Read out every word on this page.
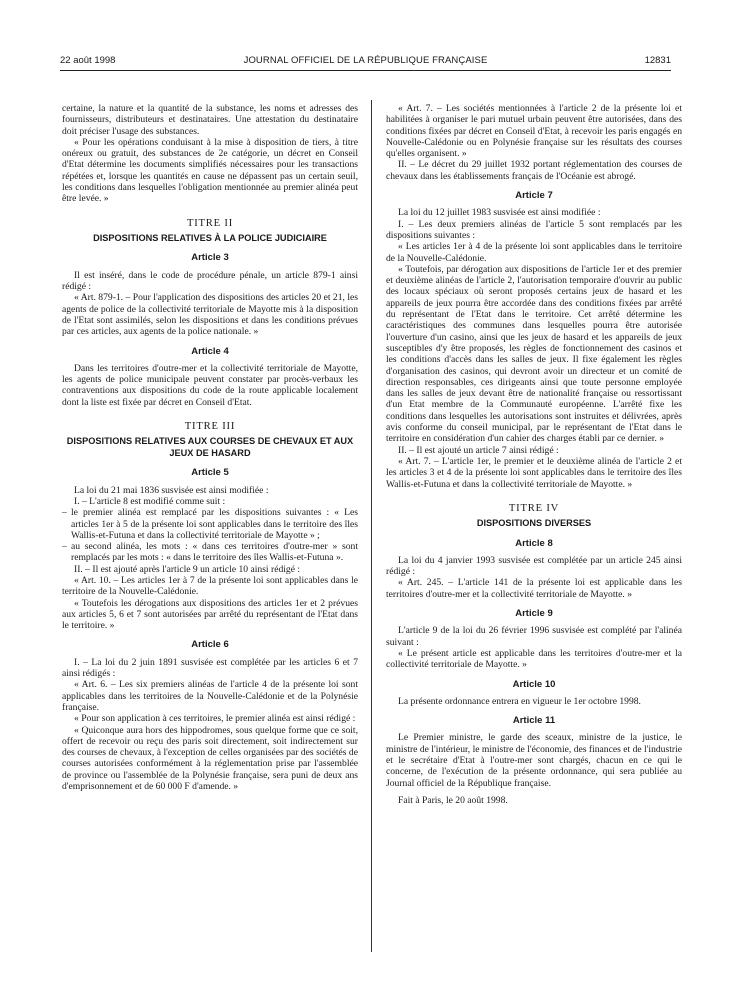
22 août 1998	JOURNAL OFFICIEL DE LA RÉPUBLIQUE FRANÇAISE	12831

certaine, la nature et la quantité de la substance, les noms et adresses des fournisseurs, distributeurs et destinataires. Une attestation du destinataire doit préciser l'usage des substances.

« Pour les opérations conduisant à la mise à disposition de tiers, à titre onéreux ou gratuit, des substances de 2e catégorie, un décret en Conseil d'Etat détermine les documents simplifiés nécessaires pour les transactions répétées et, lorsque les quantités en cause ne dépassent pas un certain seuil, les conditions dans lesquelles l'obligation mentionnée au premier alinéa peut être levée. »

TITRE II
DISPOSITIONS RELATIVES À LA POLICE JUDICIAIRE
Article 3

Il est inséré, dans le code de procédure pénale, un article 879-1 ainsi rédigé :

« Art. 879-1. – Pour l'application des dispositions des articles 20 et 21, les agents de police de la collectivité territoriale de Mayotte mis à la disposition de l'Etat sont assimilés, selon les dispositions et dans les conditions prévues par ces articles, aux agents de la police nationale. »

Article 4

Dans les territoires d'outre-mer et la collectivité territoriale de Mayotte, les agents de police municipale peuvent constater par procès-verbaux les contraventions aux dispositions du code de la route applicable localement dont la liste est fixée par décret en Conseil d'Etat.

TITRE III
DISPOSITIONS RELATIVES AUX COURSES DE CHEVAUX ET AUX JEUX DE HASARD
Article 5

La loi du 21 mai 1836 susvisée est ainsi modifiée :

I. – L'article 8 est modifié comme suit :

– le premier alinéa est remplacé par les dispositions suivantes : « Les articles 1er à 5 de la présente loi sont applicables dans le territoire des îles Wallis-et-Futuna et dans la collectivité territoriale de Mayotte » ;

– au second alinéa, les mots : « dans ces territoires d'outre-mer » sont remplacés par les mots : « dans le territoire des îles Wallis-et-Futuna ».

II. – Il est ajouté après l'article 9 un article 10 ainsi rédigé :

« Art. 10. – Les articles 1er à 7 de la présente loi sont applicables dans le territoire de la Nouvelle-Calédonie.

« Toutefois les dérogations aux dispositions des articles 1er et 2 prévues aux articles 5, 6 et 7 sont autorisées par arrêté du représentant de l'Etat dans le territoire. »

Article 6

I. – La loi du 2 juin 1891 susvisée est complétée par les articles 6 et 7 ainsi rédigés :

« Art. 6. – Les six premiers alinéas de l'article 4 de la présente loi sont applicables dans les territoires de la Nouvelle-Calédonie et de la Polynésie française.

« Pour son application à ces territoires, le premier alinéa est ainsi rédigé :

« Quiconque aura hors des hippodromes, sous quelque forme que ce soit, offert de recevoir ou reçu des paris soit directement, soit indirectement sur des courses de chevaux, à l'exception de celles organisées par des sociétés de courses autorisées conformément à la réglementation prise par l'assemblée de province ou l'assemblée de la Polynésie française, sera puni de deux ans d'emprisonnement et de 60 000 F d'amende. »

« Art. 7. – Les sociétés mentionnées à l'article 2 de la présente loi et habilitées à organiser le pari mutuel urbain peuvent être autorisées, dans des conditions fixées par décret en Conseil d'Etat, à recevoir les paris engagés en Nouvelle-Calédonie ou en Polynésie française sur les résultats des courses qu'elles organisent. »

II. – Le décret du 29 juillet 1932 portant réglementation des courses de chevaux dans les établissements français de l'Océanie est abrogé.

Article 7

La loi du 12 juillet 1983 susvisée est ainsi modifiée :

I. – Les deux premiers alinéas de l'article 5 sont remplacés par les dispositions suivantes :

« Les articles 1er à 4 de la présente loi sont applicables dans le territoire de la Nouvelle-Calédonie.

« Toutefois, par dérogation aux dispositions de l'article 1er et des premier et deuxième alinéas de l'article 2, l'autorisation temporaire d'ouvrir au public des locaux spéciaux où seront proposés certains jeux de hasard et les appareils de jeux pourra être accordée dans des conditions fixées par arrêté du représentant de l'Etat dans le territoire. Cet arrêté détermine les caractéristiques des communes dans lesquelles pourra être autorisée l'ouverture d'un casino, ainsi que les jeux de hasard et les appareils de jeux susceptibles d'y être proposés, les règles de fonctionnement des casinos et les conditions d'accès dans les salles de jeux. Il fixe également les règles d'organisation des casinos, qui devront avoir un directeur et un comité de direction responsables, ces dirigeants ainsi que toute personne employée dans les salles de jeux devant être de nationalité française ou ressortissant d'un Etat membre de la Communauté européenne. L'arrêté fixe les conditions dans lesquelles les autorisations sont instruites et délivrées, après avis conforme du conseil municipal, par le représentant de l'Etat dans le territoire en considération d'un cahier des charges établi par ce dernier. »

II. – Il est ajouté un article 7 ainsi rédigé :

« Art. 7. – L'article 1er, le premier et le deuxième alinéa de l'article 2 et les articles 3 et 4 de la présente loi sont applicables dans le territoire des îles Wallis-et-Futuna et dans la collectivité territoriale de Mayotte. »

TITRE IV
DISPOSITIONS DIVERSES
Article 8

La loi du 4 janvier 1993 susvisée est complétée par un article 245 ainsi rédigé :

« Art. 245. – L'article 141 de la présente loi est applicable dans les territoires d'outre-mer et la collectivité territoriale de Mayotte. »

Article 9

L'article 9 de la loi du 26 février 1996 susvisée est complété par l'alinéa suivant :

« Le présent article est applicable dans les territoires d'outre-mer et la collectivité territoriale de Mayotte. »

Article 10

La présente ordonnance entrera en vigueur le 1er octobre 1998.

Article 11

Le Premier ministre, le garde des sceaux, ministre de la justice, le ministre de l'intérieur, le ministre de l'économie, des finances et de l'industrie et le secrétaire d'Etat à l'outre-mer sont chargés, chacun en ce qui le concerne, de l'exécution de la présente ordonnance, qui sera publiée au Journal officiel de la République française.

Fait à Paris, le 20 août 1998.
